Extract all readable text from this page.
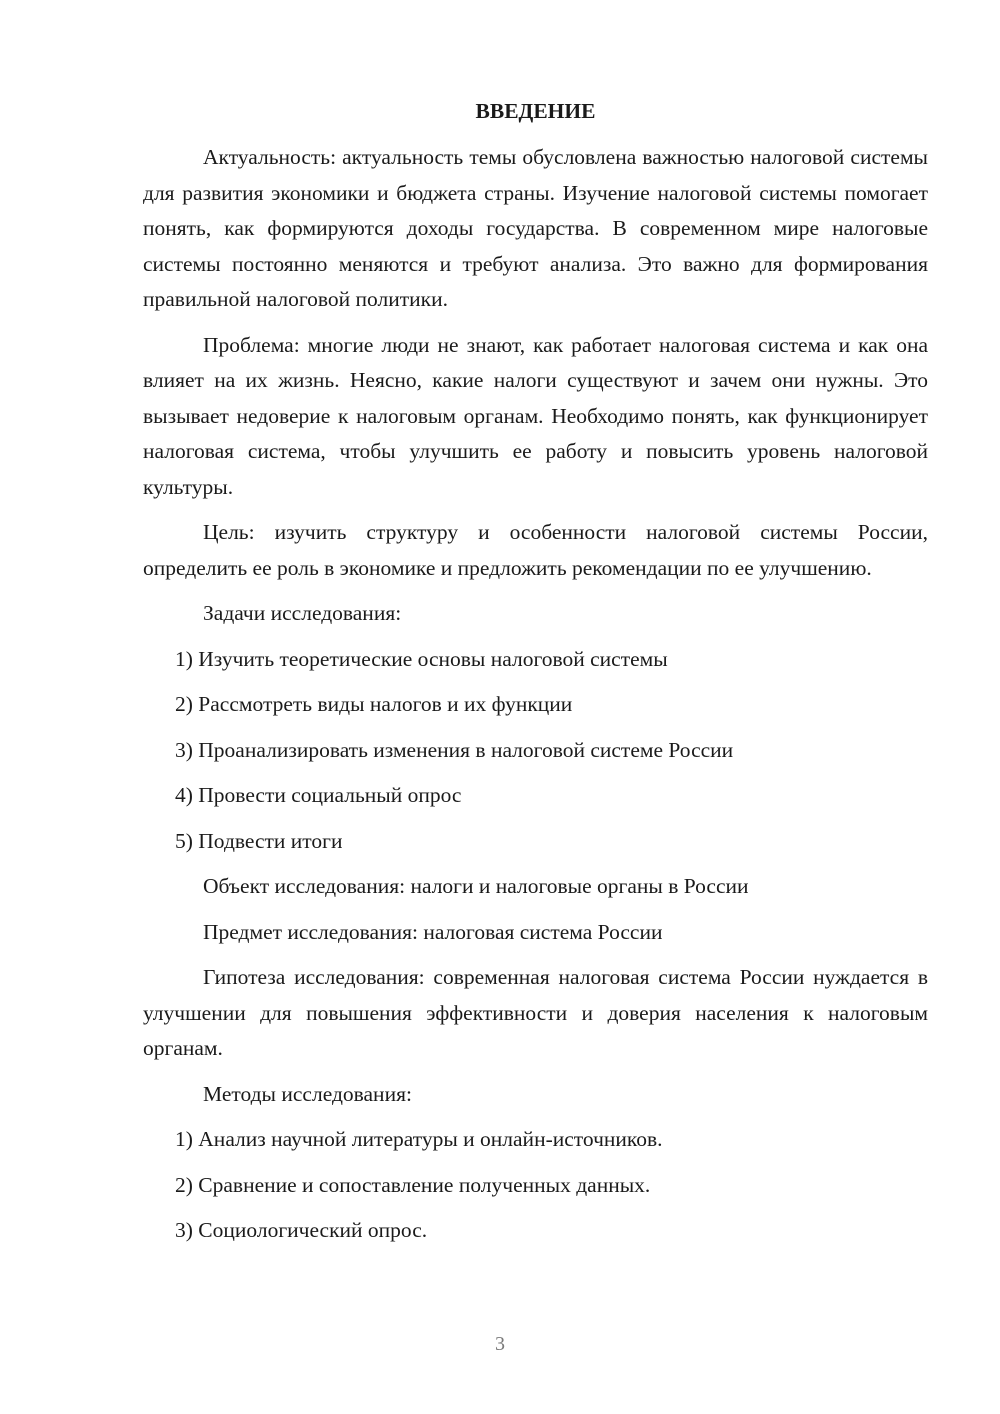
ВВЕДЕНИЕ

Актуальность: актуальность темы обусловлена важностью налоговой системы для развития экономики и бюджета страны. Изучение налоговой системы помогает понять, как формируются доходы государства. В современном мире налоговые системы постоянно меняются и требуют анализа. Это важно для формирования правильной налоговой политики.

Проблема: многие люди не знают, как работает налоговая система и как она влияет на их жизнь. Неясно, какие налоги существуют и зачем они нужны. Это вызывает недоверие к налоговым органам. Необходимо понять, как функционирует налоговая система, чтобы улучшить ее работу и повысить уровень налоговой культуры.

Цель: изучить структуру и особенности налоговой системы России, определить ее роль в экономике и предложить рекомендации по ее улучшению.

Задачи исследования:

1) Изучить теоретические основы налоговой системы

2) Рассмотреть виды налогов и их функции

3) Проанализировать изменения в налоговой системе России

4) Провести социальный опрос

5) Подвести итоги

Объект исследования: налоги и налоговые органы в России

Предмет исследования: налоговая система России

Гипотеза исследования: современная налоговая система России нуждается в улучшении для повышения эффективности и доверия населения к налоговым органам.

Методы исследования:

1) Анализ научной литературы и онлайн-источников.

2) Сравнение и сопоставление полученных данных.

3) Социологический опрос.

3
